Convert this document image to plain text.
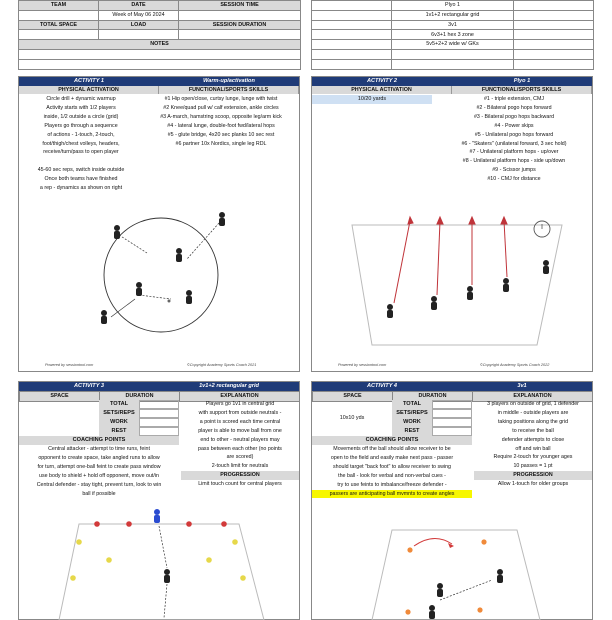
TEAM	DATE	SESSION TIME
	Week of May 06 2024	
TOTAL SPACE	LOAD	SESSION DURATION

NOTES		

	Plyo 1	
	1v1+2 rectangular grid	
	3v1	
	6v3+1 hex 3 zone	
	5v5+2+2 wide w/ GKs	

ACTIVITY 1	Warm-up/activation
PHYSICAL ACTIVATION	FUNCTIONAL/SPORTS SKILLS
Circle drill + dynamic warmup
Activity starts with 1/2 players
inside, 1/2 outside a circle (grid)
Players go through a sequence
of actions - 1-touch, 2-touch,
foot/thigh/chest volleys, headers,
receive/turn/pass to open player
45-60 sec reps, switch inside outside
Once both teams have finished
a rep - dynamics as shown on right
#1 Hip open/close, curtsy lunge, lunge with twist
#2 Knee/quad pull w/ calf extension, ankle circles
#3 A-march, hamstring scoop, opposite leg/arm kick
#4 - lateral lunge, double-foot fwd/lateral hops
#5 - glute bridge, 4x20 sec planks 10 sec rest
#6 partner 10x Nordics, single leg RDL
Powered by sessiontool.com	©Copyright Academy Sports Coach 2021
ACTIVITY 2	Plyo 1
PHYSICAL ACTIVATION	FUNCTIONAL/SPORTS SKILLS
10/20 yards	#1 - triple extension, CMJ
#2 - Bilateral pogo hops forward
#3 - Bilateral pogo hops backward
#4 - Power skips
#5 - Unilateral pogo hops forward
#6 - "Skaters" (unilateral forward, 3 sec hold)
#7 - Unilateral platform hops - up/over
#8 - Unilateral platform hops - side up/down
#9 - Scissor jumps
#10 - CMJ for distance
Powered by sessiontool.com	©Copyright Academy Sports Coach 2022
ACTIVITY 3	1v1+2 rectangular grid
SPACE	DURATION	EXPLANATION
TOTAL
SETS/REPS
WORK
REST
Players go 1v1 in central grid
with support from outside neutrals -
a point is scored each time central
player is able to move ball from one
end to other - neutral players may
pass between each other (no points
are scored)
2-touch limit for neutrals
PROGRESSION
Limit touch count for central players
COACHING POINTS
Central attacker - attempt to time runs, feint
opponent to create space, take angled runs to allow
for turn, attempt one-ball feint to create pass window
use body to shield + hold off opponent, move out/in
Central defender - stay tight, prevent turn, look to win
ball if possible
ACTIVITY 4	3v1
SPACE	DURATION	EXPLANATION
10x10 yds
TOTAL
SETS/REPS
WORK
REST
3 players on outside of grid, 1 defender
in middle - outside players are
taking positions along the grid
to receive the ball
defender attempts to close
off and win ball
Require 2-touch for younger ages
10 passes = 1 pt
PROGRESSION
Allow 1-touch for older groups
COACHING POINTS
Movements off the ball should allow receiver to be
open to the field and easily make next pass - passer
should target "back foot" to allow receiver to swing
the ball - look for verbal and non-verbal cues -
try to use feints to imbalance/freeze defender -
passers are anticipating ball mvmnts to create angles
